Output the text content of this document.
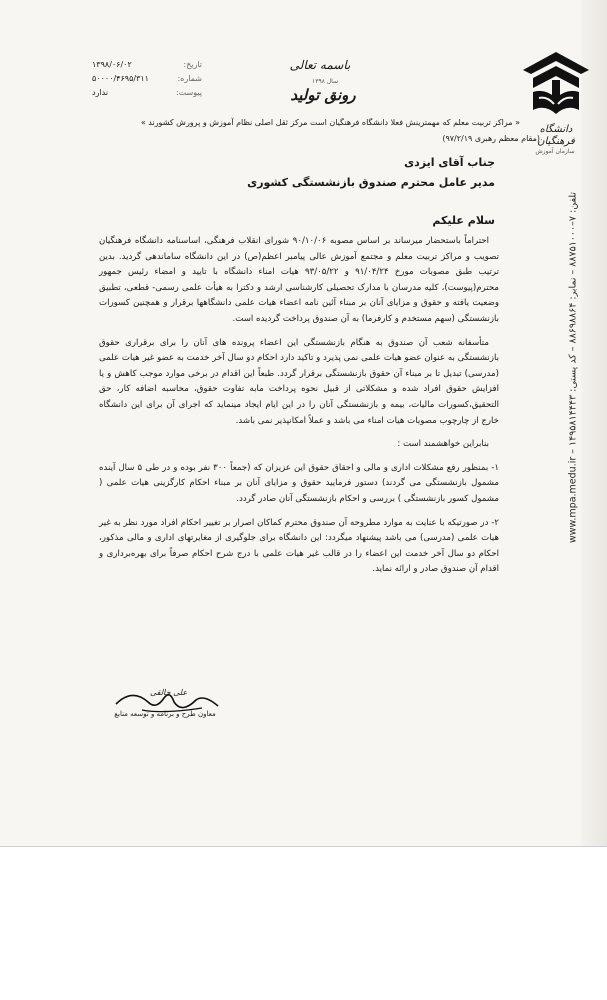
دانشگاه فرهنگیان
سازمان آموزش
تلفن: ۷–۸۸۷۵۱۰۰۰ – نمابر: ۸۸۶۹۸۸۶۴ – کد پستی: ۱۴۹۵۸۱۴۴۴۳ – www.mpa.medu.ir
تاریخ:
۱۳۹۸/۰۶/۰۲
شماره:
۵۰۰۰۰/۴۶۹۵/۳۱۱
پیوست:
ندارد
باسمه تعالی
سال ۱۳۹۸
رونق تولید
« مراکز تربیت معلم که مهمترینش فعلا دانشگاه فرهنگیان است مرکز ثقل اصلی نظام آموزش و پرورش کشورند »
(مقام معظم رهبری ۹۷/۲/۱۹)
جناب آقای ایزدی
مدیر عامل محترم صندوق بازنشستگی کشوری
سلام علیکم

احتراماً باستحضار میرساند بر اساس مصوبه ۹۰/۱۰/۰۶ شورای انقلاب فرهنگی، اساسنامه دانشگاه فرهنگیان تصویب و مراکز تربیت معلم و مجتمع آموزش عالی پیامبر اعظم(ص) در این دانشگاه ساماندهی گردید. بدین ترتیب طبق مصوبات مورخ ۹۱/۰۴/۲۴ و ۹۳/۰۵/۲۲ هیات امناء دانشگاه با تایید و امضاء رئیس جمهور محترم(پیوست)، کلیه مدرسان با مدارک تحصیلی کارشناسی ارشد و دکترا به هیأت علمی رسمی- قطعی، تطبیق وضعیت یافته و حقوق و مزایای آنان بر مبناء آئین نامه اعضاء هیات علمی دانشگاهها برقرار و همچنین کسورات بازنشستگی (سهم مستخدم و کارفرما) به آن صندوق پرداخت گردیده است.

متأسفانه شعب آن صندوق به هنگام بازنشستگی این اعضاء پرونده های آنان را برای برقراری حقوق بازنشستگی به عنوان عضو هیات علمی نمی پذیرد و تاکید دارد احکام دو سال آخر خدمت به عضو غیر هیات علمی (مدرسی) تبدیل تا بر مبناء آن حقوق بازنشستگی برقرار گردد. طبعاً این اقدام در برخی موارد موجب کاهش و یا افزایش حقوق افراد شده و مشکلاتی از قبیل نحوه پرداخت مابه تفاوت حقوق، محاسبه اضافه کار، حق التحقیق،کسورات مالیات، بیمه و بازنشستگی آنان را در این ایام ایجاد مینماید که اجرای آن برای این دانشگاه خارج از چارچوب مصوبات هیات امناء می باشد و عملاً امکانپذیر نمی باشد.

بنابراین خواهشمند است :

۱- بمنظور رفع مشکلات اداری و مالی و احقاق حقوق این عزیزان که (جمعاً ۳۰۰ نفر بوده و در طی ۵ سال آینده مشمول بازنشستگی می گردند) دستور فرمایید حقوق و مزایای آنان بر مبناء احکام کارگزینی هیات علمی ( مشمول کسور بازنشستگی ) بررسی و احکام بازنشستگی آنان صادر گردد.

۲- در صورتیکه با عنایت به موارد مطروحه آن صندوق محترم کماکان اصرار بر تغییر احکام افراد مورد نظر به غیر هیات علمی (مدرسی) می باشد پیشنهاد میگردد: این دانشگاه برای جلوگیری از مغایرتهای اداری و مالی مذکور، احکام دو سال آخر خدمت این اعضاء را در قالب غیر هیات علمی با درج شرح احکام صرفاً برای بهره‌برداری و اقدام آن صندوق صادر و ارائه نماید.

علی خالقی
معاون طرح و برنامه و توسعه منابع
